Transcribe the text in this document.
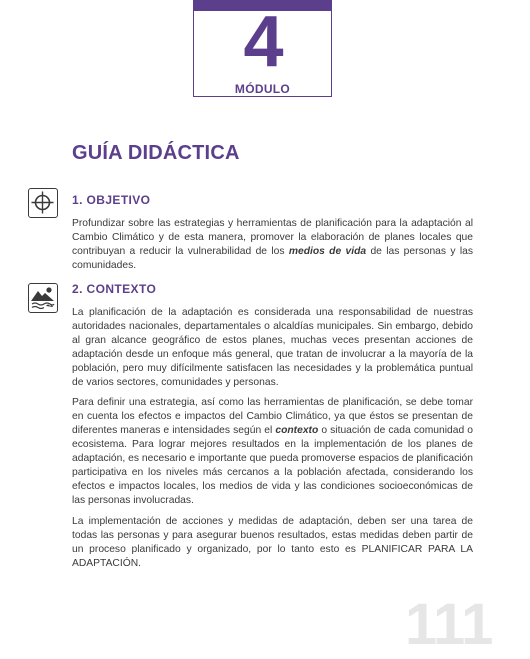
4
MÓDULO
GUÍA DIDÁCTICA
1. OBJETIVO

Profundizar sobre las estrategias y herramientas de planificación para la adaptación al Cambio Climático y de esta manera, promover la elaboración de planes locales que contribuyan a reducir la vulnerabilidad de los medios de vida de las personas y las comunidades.

2. CONTEXTO

La planificación de la adaptación es considerada una responsabilidad de nuestras autoridades nacionales, departamentales o alcaldías municipales. Sin embargo, debido al gran alcance geográfico de estos planes, muchas veces presentan acciones de adaptación desde un enfoque más general, que tratan de involucrar a la mayoría de la población, pero muy difícilmente satisfacen las necesidades y la problemática puntual de varios sectores, comunidades y personas.

Para definir una estrategia, así como las herramientas de planificación, se debe tomar en cuenta los efectos e impactos del Cambio Climático, ya que éstos se presentan de diferentes maneras e intensidades según el contexto o situación de cada comunidad o ecosistema. Para lograr mejores resultados en la implementación de los planes de adaptación, es necesario e importante que pueda promoverse espacios de planificación participativa en los niveles más cercanos a la población afectada, considerando los efectos e impactos locales, los medios de vida y las condiciones socioeconómicas de las personas involucradas.

La implementación de acciones y medidas de adaptación, deben ser una tarea de todas las personas y para asegurar buenos resultados, estas medidas deben partir de un proceso planificado y organizado, por lo tanto esto es PLANIFICAR PARA LA ADAPTACIÓN.

111
